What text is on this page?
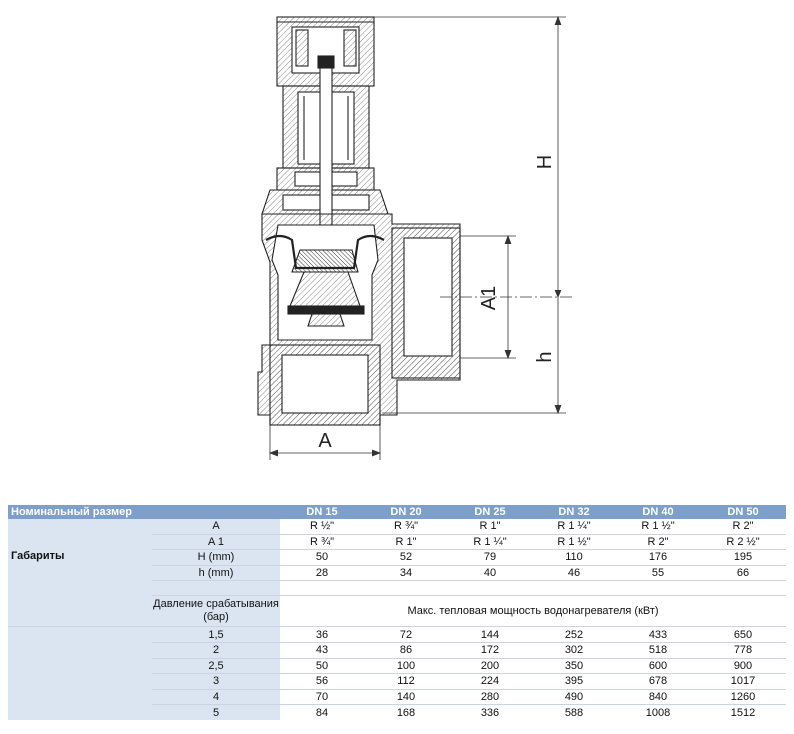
H
h
A1
A
Номинальный размер		DN 15	DN 20	DN 25	DN 32	DN 40	DN 50

Габариты	A	R ½"	R ¾"	R 1"	R 1 ¼"	R 1 ½"	R 2"
	A 1	R ¾"	R 1"	R 1 ¼"	R 1 ½"	R 2"	R 2 ½"
	H (mm)	50	52	79	110	176	195
	h (mm)	28	34	40	46	55	66

	Давление срабатывания (бар)	Макс. тепловая мощность водонагревателя (кВт)					
	1,5	36	72	144	252	433	650
	2	43	86	172	302	518	778
	2,5	50	100	200	350	600	900
	3	56	112	224	395	678	1017
	4	70	140	280	490	840	1260
	5	84	168	336	588	1008	1512
